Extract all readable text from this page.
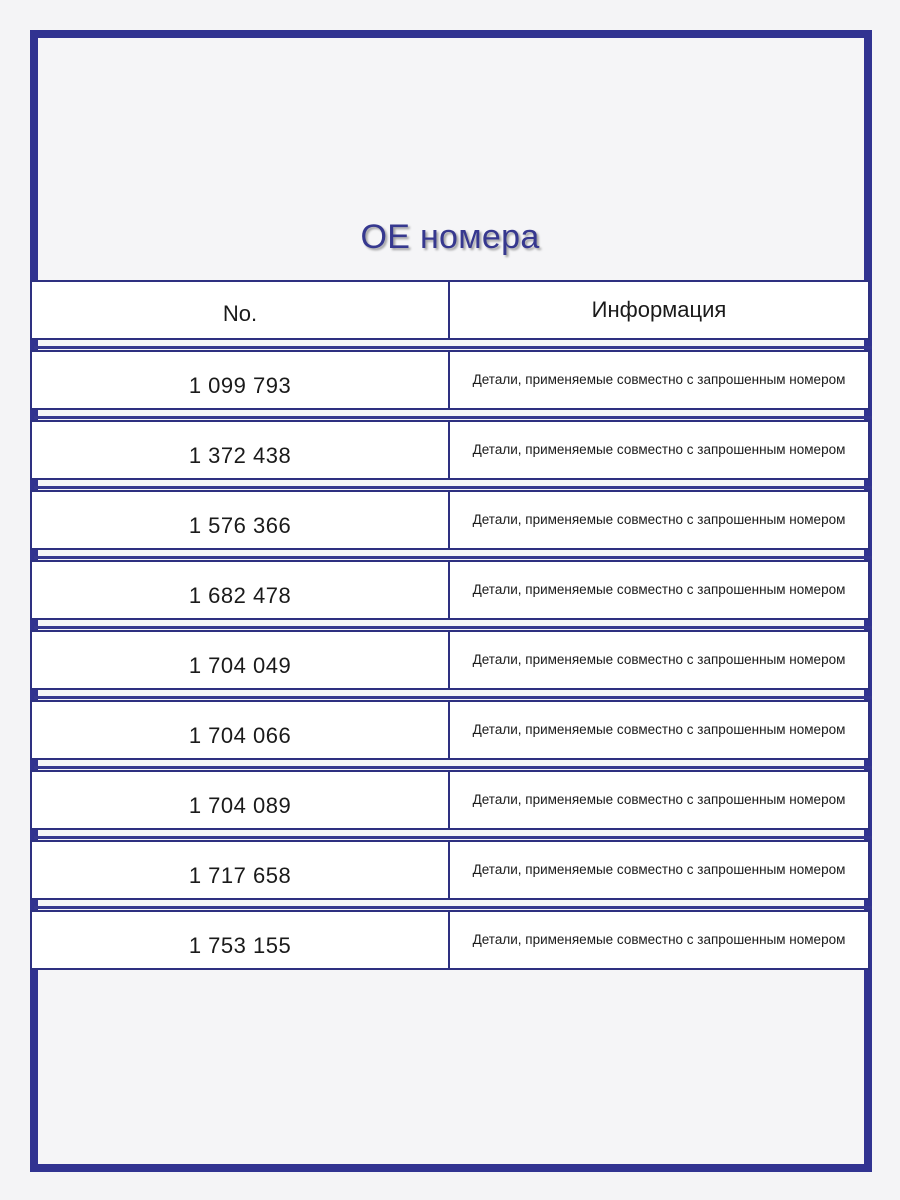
OE номера
No.	Информация
1 099 793	Детали, применяемые совместно с запрошенным номером
1 372 438	Детали, применяемые совместно с запрошенным номером
1 576 366	Детали, применяемые совместно с запрошенным номером
1 682 478	Детали, применяемые совместно с запрошенным номером
1 704 049	Детали, применяемые совместно с запрошенным номером
1 704 066	Детали, применяемые совместно с запрошенным номером
1 704 089	Детали, применяемые совместно с запрошенным номером
1 717 658	Детали, применяемые совместно с запрошенным номером
1 753 155	Детали, применяемые совместно с запрошенным номером
